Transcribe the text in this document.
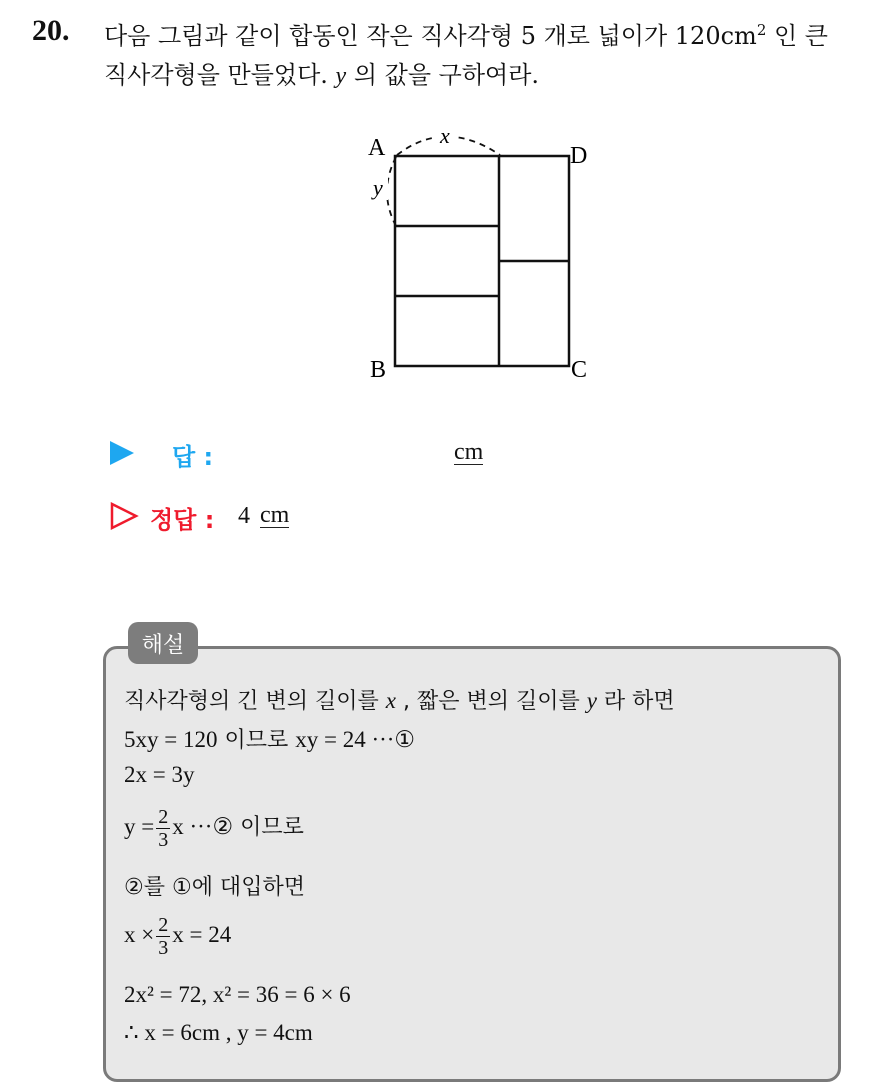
20. 다음 그림과 같이 합동인 작은 직사각형 5 개로 넓이가 $120cm^2$ 인 큰
직사각형을 만들었다. y 의 값을 구하여라.
A	D
B	C
x
y
답 :	cm
정답 : 4 cm
해설
직사각형의 긴 변의 길이를 x , 짧은 변의 길이를 y 라 하면
5xy = 120 이므로 xy = 24 ···①
2x = 3y
$y = \frac{2}{3}$ x ···② 이므로
②를 ①에 대입하면
$x \times \frac{2}{3}$ x = 24
2x² = 72, x² = 36 = 6 × 6
∴ x = 6cm , y = 4cm
